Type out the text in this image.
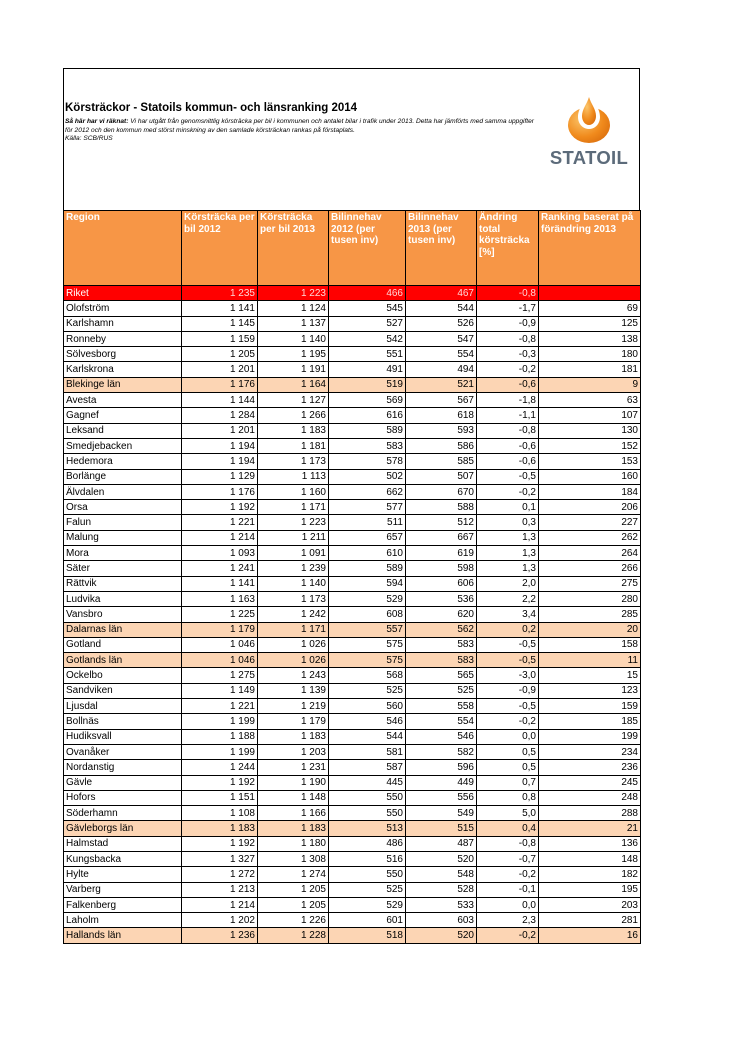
Körsträckor - Statoils kommun- och länsranking 2014
Så här har vi räknat: Vi har utgått från genomsnittlig körsträcka per bil i kommunen och antalet bilar i trafik under 2013. Detta har jämförts med samma uppgifter för 2012 och den kommun med störst minskning av den samlade körsträckan rankas på förstaplats.
Källa: SCB/RUS
STATOIL
Region	Körsträcka per bil 2012	Körsträcka per bil 2013	Bilinnehav 2012 (per tusen inv)	Bilinnehav 2013 (per tusen inv)	Ändring total körsträcka [%]	Ranking baserat på förändring 2013
Riket	1 235	1 223	466	467	-0,8	
Olofström	1 141	1 124	545	544	-1,7	69
Karlshamn	1 145	1 137	527	526	-0,9	125
Ronneby	1 159	1 140	542	547	-0,8	138
Sölvesborg	1 205	1 195	551	554	-0,3	180
Karlskrona	1 201	1 191	491	494	-0,2	181
Blekinge län	1 176	1 164	519	521	-0,6	9
Avesta	1 144	1 127	569	567	-1,8	63
Gagnef	1 284	1 266	616	618	-1,1	107
Leksand	1 201	1 183	589	593	-0,8	130
Smedjebacken	1 194	1 181	583	586	-0,6	152
Hedemora	1 194	1 173	578	585	-0,6	153
Borlänge	1 129	1 113	502	507	-0,5	160
Älvdalen	1 176	1 160	662	670	-0,2	184
Orsa	1 192	1 171	577	588	0,1	206
Falun	1 221	1 223	511	512	0,3	227
Malung	1 214	1 211	657	667	1,3	262
Mora	1 093	1 091	610	619	1,3	264
Säter	1 241	1 239	589	598	1,3	266
Rättvik	1 141	1 140	594	606	2,0	275
Ludvika	1 163	1 173	529	536	2,2	280
Vansbro	1 225	1 242	608	620	3,4	285
Dalarnas län	1 179	1 171	557	562	0,2	20
Gotland	1 046	1 026	575	583	-0,5	158
Gotlands län	1 046	1 026	575	583	-0,5	11
Ockelbo	1 275	1 243	568	565	-3,0	15
Sandviken	1 149	1 139	525	525	-0,9	123
Ljusdal	1 221	1 219	560	558	-0,5	159
Bollnäs	1 199	1 179	546	554	-0,2	185
Hudiksvall	1 188	1 183	544	546	0,0	199
Ovanåker	1 199	1 203	581	582	0,5	234
Nordanstig	1 244	1 231	587	596	0,5	236
Gävle	1 192	1 190	445	449	0,7	245
Hofors	1 151	1 148	550	556	0,8	248
Söderhamn	1 108	1 166	550	549	5,0	288
Gävleborgs län	1 183	1 183	513	515	0,4	21
Halmstad	1 192	1 180	486	487	-0,8	136
Kungsbacka	1 327	1 308	516	520	-0,7	148
Hylte	1 272	1 274	550	548	-0,2	182
Varberg	1 213	1 205	525	528	-0,1	195
Falkenberg	1 214	1 205	529	533	0,0	203
Laholm	1 202	1 226	601	603	2,3	281
Hallands län	1 236	1 228	518	520	-0,2	16
